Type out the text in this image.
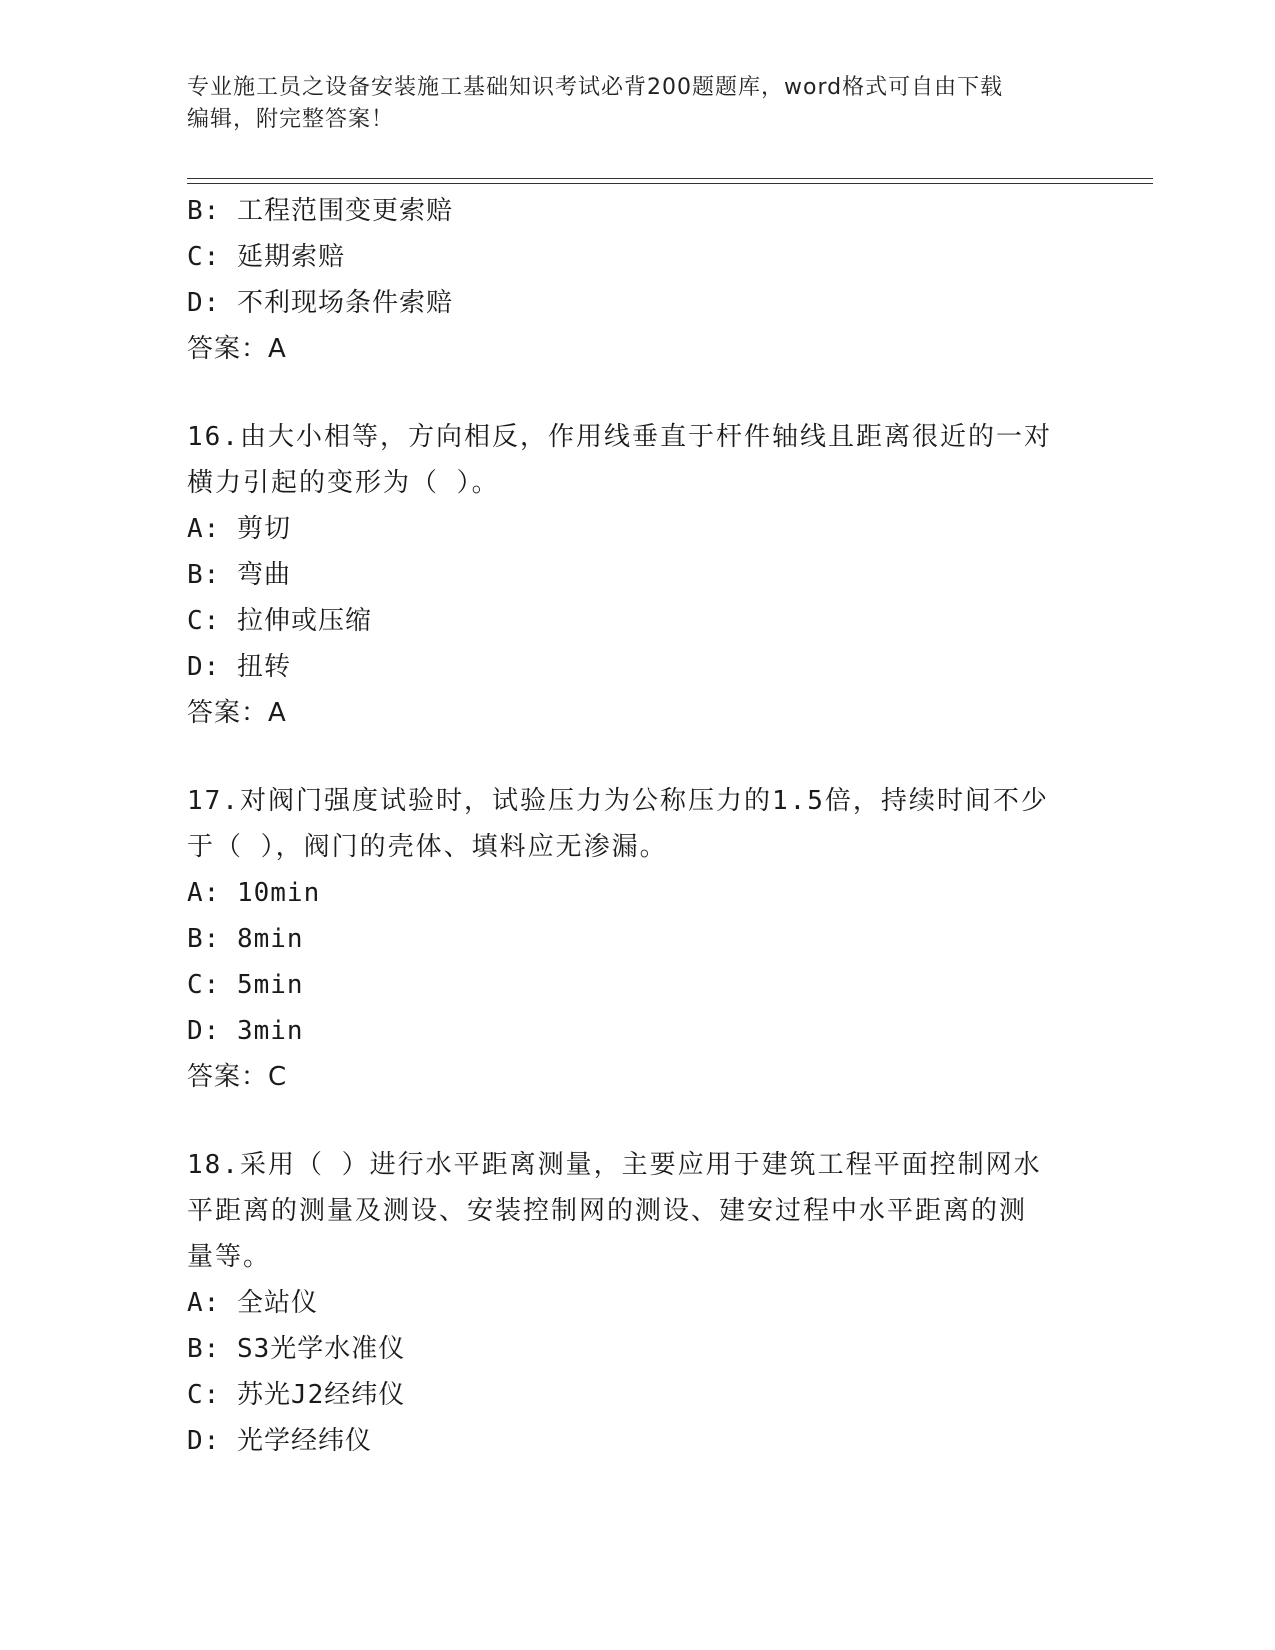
专业施工员之设备安装施工基础知识考试必背200题题库，word格式可自由下载
编辑，附完整答案！
B: 工程范围变更索赔
C: 延期索赔
D: 不利现场条件索赔
答案：A
16.由大小相等，方向相反，作用线垂直于杆件轴线且距离很近的一对
横力引起的变形为（ ）。
A: 剪切
B: 弯曲
C: 拉伸或压缩
D: 扭转
答案：A
17.对阀门强度试验时，试验压力为公称压力的1.5倍，持续时间不少
于（ ），阀门的壳体、填料应无渗漏。
A: 10min
B: 8min
C: 5min
D: 3min
答案：C
18.采用（ ）进行水平距离测量，主要应用于建筑工程平面控制网水
平距离的测量及测设、安装控制网的测设、建安过程中水平距离的测
量等。
A: 全站仪
B: S3光学水准仪
C: 苏光J2经纬仪
D: 光学经纬仪
